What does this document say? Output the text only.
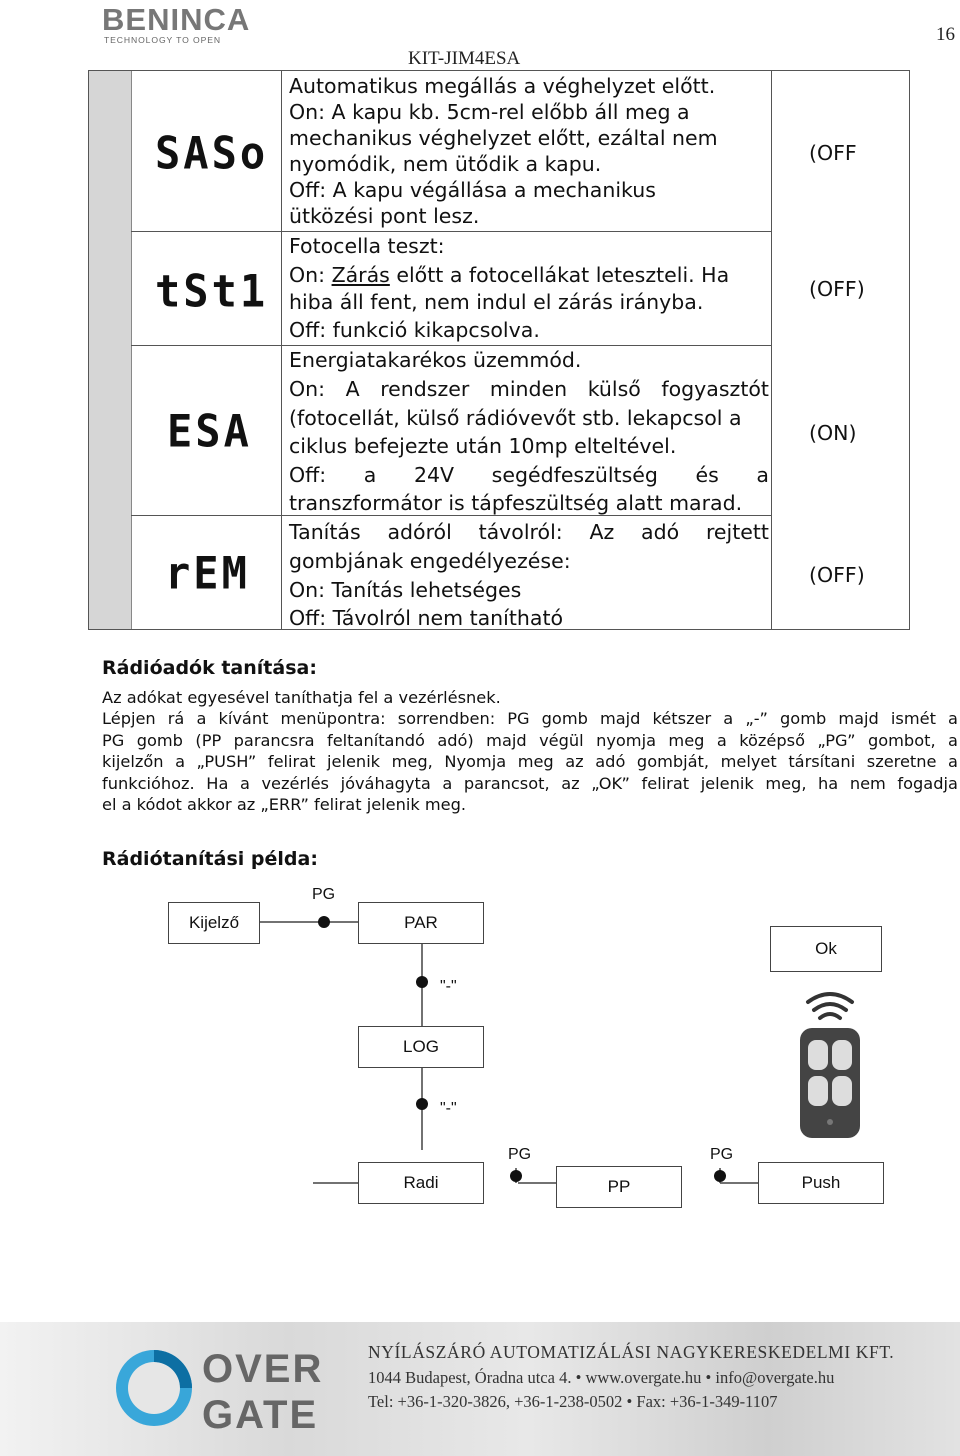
BENINCA
TECHNOLOGY TO OPEN
KIT-JIM4ESA
16
SASo
Automatikus megállás a véghelyzet előtt.
On: A kapu kb. 5cm-rel előbb áll meg a
mechanikus véghelyzet előtt, ezáltal nem
nyomódik, nem ütődik a kapu.
Off: A kapu végállása a mechanikus
ütközési pont lesz.
(OFF
tSt1
Fotocella teszt:
On: Zárás előtt a fotocellákat leteszteli. Ha
hiba áll fent, nem indul el zárás irányba.
Off: funkció kikapcsolva.
(OFF)
ESA
Energiatakarékos üzemmód.
On: A rendszer minden külső fogyasztót
(fotocellát, külső rádióvevőt stb. lekapcsol a
ciklus befejezte után 10mp elteltével.
Off: a 24V segédfeszültség és a
transzformátor is tápfeszültség alatt marad.
(ON)
rEM
Tanítás adóról távolról: Az adó rejtett
gombjának engedélyezése:
On: Tanítás lehetséges
Off: Távolról nem tanítható
(OFF)
Rádióadók tanítása:
Az adókat egyesével taníthatja fel a vezérlésnek.
Lépjen rá a kívánt menüpontra: sorrendben: PG gomb majd kétszer a „-” gomb majd ismét a
PG gomb (PP parancsra feltanítandó adó) majd végül nyomja meg a középső „PG” gombot, a
kijelzőn a „PUSH” felirat jelenik meg, Nyomja meg az adó gombját, melyet társítani szeretne a
funkcióhoz. Ha a vezérlés jóváhagyta a parancsot, az „OK” felirat jelenik meg, ha nem fogadja
el a kódot akkor az „ERR” felirat jelenik meg.
Rádiótanítási példa:
Kijelző
PG
PAR
"-"
LOG
"-"
Radi
PG
PP
PG
Push
Ok
OVER
GATE
NYÍLÁSZÁRÓ AUTOMATIZÁLÁSI NAGYKERESKEDELMI KFT.
1044 Budapest, Óradna utca 4. • www.overgate.hu • info@overgate.hu
Tel: +36-1-320-3826, +36-1-238-0502 • Fax: +36-1-349-1107
